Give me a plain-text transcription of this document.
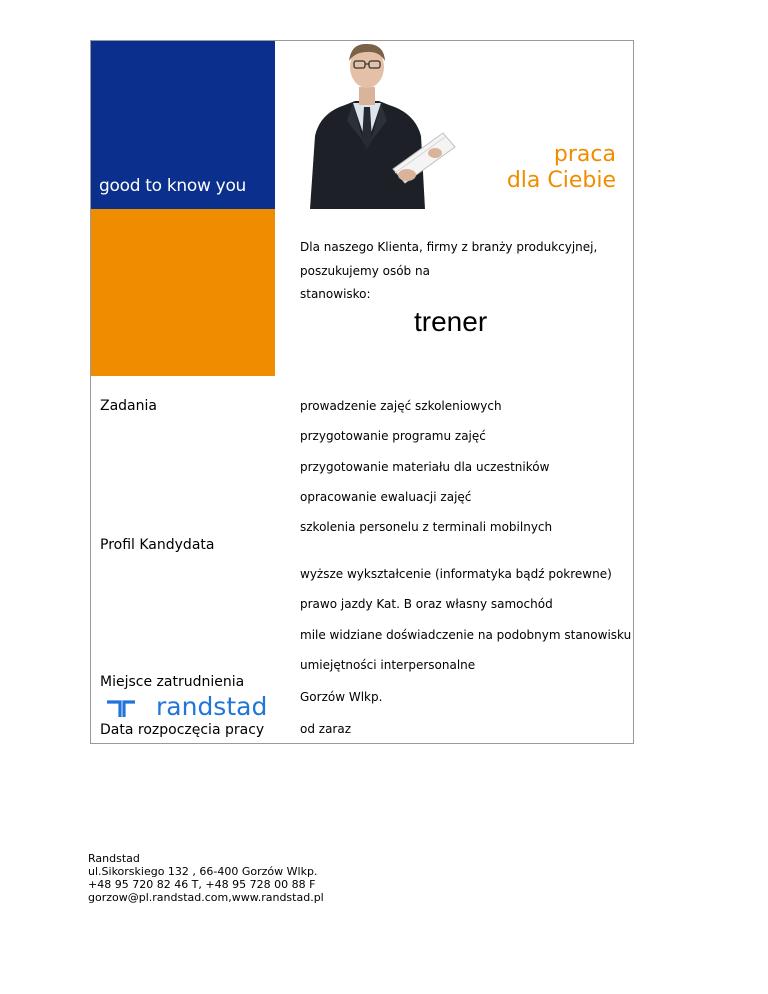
good to know you
praca
dla Ciebie
Dla naszego Klienta, firmy z branży produkcyjnej,
poszukujemy osób na
stanowisko:
trener
Zadania	prowadzenie zajęć szkoleniowych
przygotowanie programu zajęć
przygotowanie materiału dla uczestników
opracowanie ewaluacji zajęć
szkolenia personelu z terminali mobilnych
Profil Kandydata
wyższe wykształcenie (informatyka bądź pokrewne)
prawo jazdy Kat. B oraz własny samochód
mile widziane doświadczenie na podobnym stanowisku
umiejętności interpersonalne
Miejsce zatrudnienia
Gorzów Wlkp.
randstad
Data rozpoczęcia pracy	od zaraz
Randstad
ul.Sikorskiego 132 , 66-400 Gorzów Wlkp.
+48 95 720 82 46 T, +48 95 728 00 88 F
gorzow@pl.randstad.com,www.randstad.pl
